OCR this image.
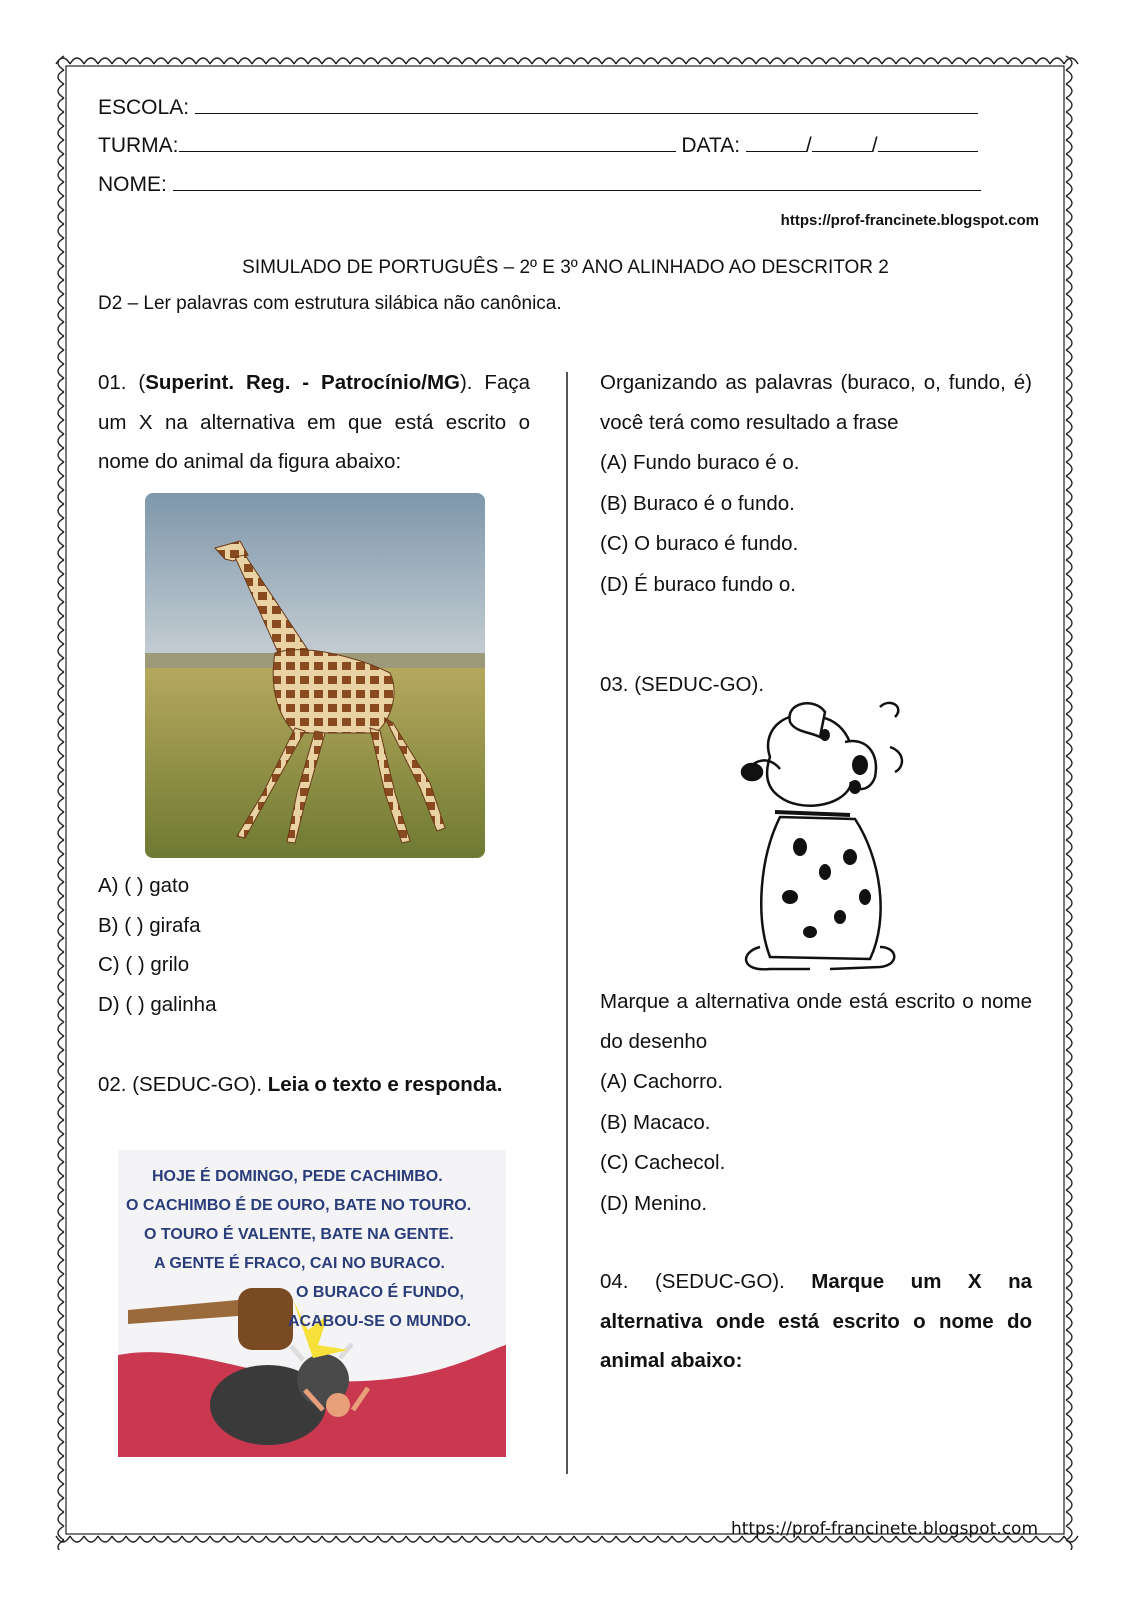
ESCOLA:
TURMA:	DATA:	/	/
NOME:
https://prof-francinete.blogspot.com
SIMULADO DE PORTUGUÊS – 2º E 3º ANO ALINHADO AO DESCRITOR 2
D2 – Ler palavras com estrutura silábica não canônica.
01. (Superint. Reg. - Patrocínio/MG). Faça um X na alternativa em que está escrito o nome do animal da figura abaixo:
A) ( ) gato
B) ( ) girafa
C) ( ) grilo
D) ( ) galinha
02. (SEDUC-GO). Leia o texto e responda.
HOJE É DOMINGO, PEDE CACHIMBO.
O CACHIMBO É DE OURO, BATE NO TOURO.
O TOURO É VALENTE, BATE NA GENTE.
A GENTE É FRACO, CAI NO BURACO.
O BURACO É FUNDO,
ACABOU-SE O MUNDO.
Organizando as palavras (buraco, o, fundo, é) você terá como resultado a frase
(A) Fundo buraco é o.
(B) Buraco é o fundo.
(C) O buraco é fundo.
(D) É buraco fundo o.
03. (SEDUC-GO).
Marque a alternativa onde está escrito o nome do desenho
(A) Cachorro.
(B) Macaco.
(C) Cachecol.
(D) Menino.
04. (SEDUC-GO). Marque um X na alternativa onde está escrito o nome do animal abaixo:
https://prof-francinete.blogspot.com
